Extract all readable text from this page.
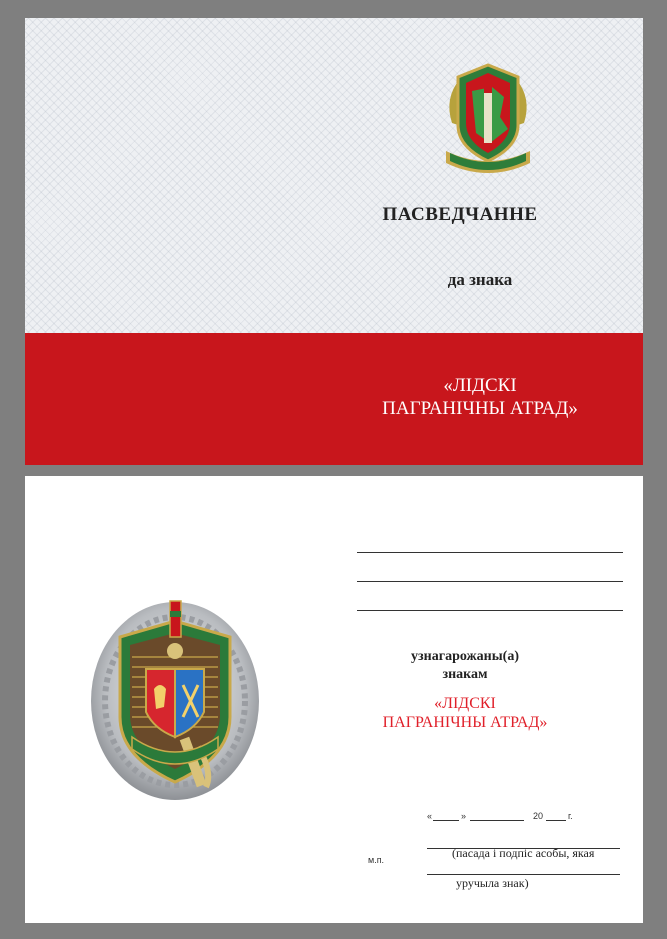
ПАСВЕДЧАННЕ
да знака
«ЛІДСКІ
ПАГРАНІЧНЫ АТРАД»
узнагарожаны(а)
знакам
«ЛІДСКІ
ПАГРАНІЧНЫ АТРАД»
«	»	20	г.
м.п.	(пасада і подпіс асобы, якая
уручыла знак)
